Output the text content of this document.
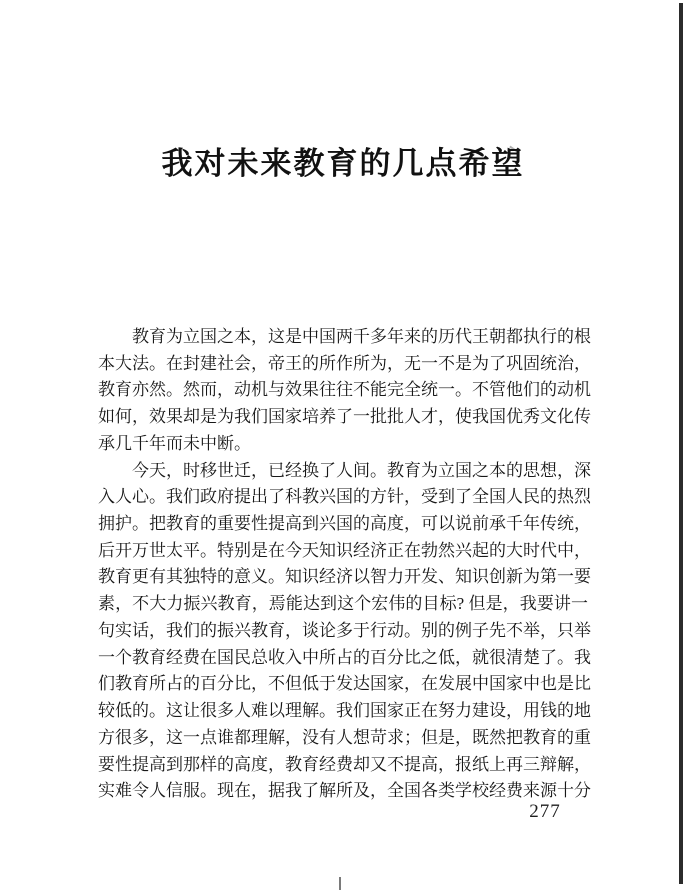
我对未来教育的几点希望
教育为立国之本，这是中国两千多年来的历代王朝都执行的根
本大法。在封建社会，帝王的所作所为，无一不是为了巩固统治，
教育亦然。然而，动机与效果往往不能完全统一。不管他们的动机
如何，效果却是为我们国家培养了一批批人才，使我国优秀文化传
承几千年而未中断。
今天，时移世迁，已经换了人间。教育为立国之本的思想，深
入人心。我们政府提出了科教兴国的方针，受到了全国人民的热烈
拥护。把教育的重要性提高到兴国的高度，可以说前承千年传统，
后开万世太平。特别是在今天知识经济正在勃然兴起的大时代中，
教育更有其独特的意义。知识经济以智力开发、知识创新为第一要
素，不大力振兴教育，焉能达到这个宏伟的目标? 但是，我要讲一
句实话，我们的振兴教育，谈论多于行动。别的例子先不举，只举
一个教育经费在国民总收入中所占的百分比之低，就很清楚了。我
们教育所占的百分比，不但低于发达国家，在发展中国家中也是比
较低的。这让很多人难以理解。我们国家正在努力建设，用钱的地
方很多，这一点谁都理解，没有人想苛求；但是，既然把教育的重
要性提高到那样的高度，教育经费却又不提高，报纸上再三辩解，
实难令人信服。现在，据我了解所及，全国各类学校经费来源十分
277
